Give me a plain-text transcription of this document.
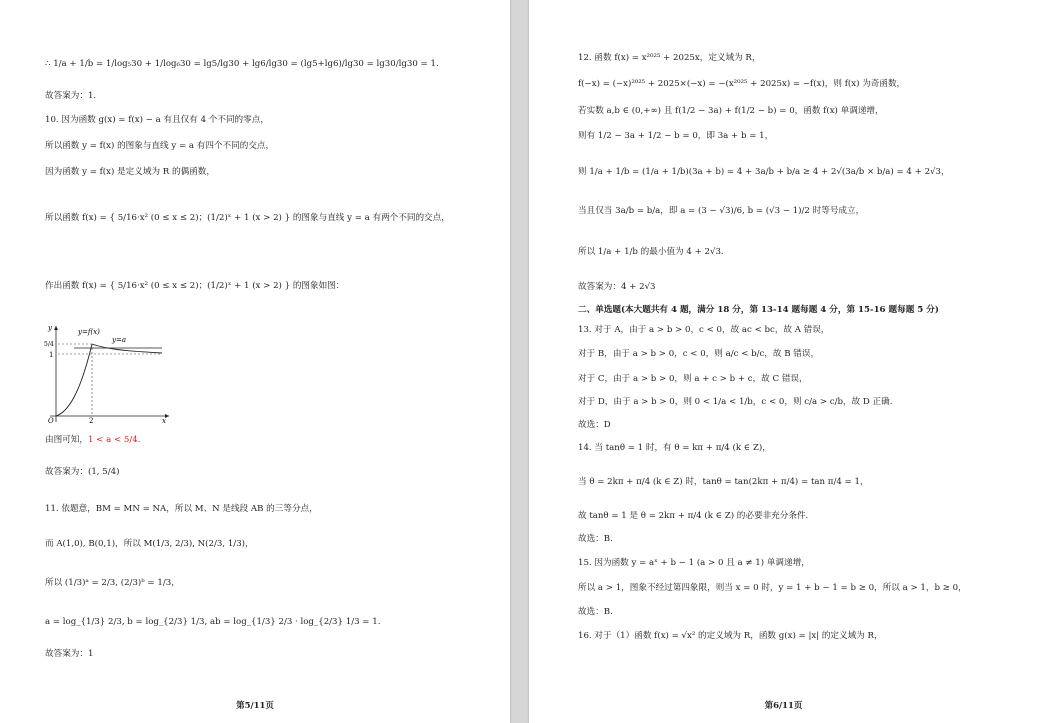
∴ 1/a + 1/b = 1/log₅30 + 1/log₆30 = lg5/lg30 + lg6/lg30 = (lg5+lg6)/lg30 = lg30/lg30 = 1.
故答案为：1.
10. 因为函数 g(x) = f(x) − a 有且仅有 4 个不同的零点，
所以函数 y = f(x) 的图象与直线 y = a 有四个不同的交点，
因为函数 y = f(x) 是定义域为 R 的偶函数，
所以函数 f(x) = { 5/16·x² (0 ≤ x ≤ 2)；(1/2)ˣ + 1 (x > 2) } 的图象与直线 y = a 有两个不同的交点，
作出函数 f(x) = { 5/16·x² (0 ≤ x ≤ 2)；(1/2)ˣ + 1 (x > 2) } 的图象如图：
y=f(x)
y=a
O	x
y
2
1
5/4
由图可知，1 < a < 5/4.
故答案为：(1, 5/4)
11. 依题意，BM = MN = NA，所以 M、N 是线段 AB 的三等分点，
而 A(1,0), B(0,1)，所以 M(1/3, 2/3), N(2/3, 1/3)，
所以 (1/3)ᵃ = 2/3, (2/3)ᵇ = 1/3，
a = log_{1/3} 2/3, b = log_{2/3} 1/3, ab = log_{1/3} 2/3 · log_{2/3} 1/3 = 1.
故答案为：1
第5/11页
12. 函数 f(x) = x²⁰²⁵ + 2025x，定义域为 R，
f(−x) = (−x)²⁰²⁵ + 2025×(−x) = −(x²⁰²⁵ + 2025x) = −f(x)，则 f(x) 为奇函数，
若实数 a,b ∈ (0,+∞) 且 f(1/2 − 3a) + f(1/2 − b) = 0，函数 f(x) 单调递增，
则有 1/2 − 3a + 1/2 − b = 0，即 3a + b = 1，
则 1/a + 1/b = (1/a + 1/b)(3a + b) = 4 + 3a/b + b/a ≥ 4 + 2√(3a/b × b/a) = 4 + 2√3，
当且仅当 3a/b = b/a，即 a = (3 − √3)/6, b = (√3 − 1)/2 时等号成立，
所以 1/a + 1/b 的最小值为 4 + 2√3.
故答案为：4 + 2√3
二、单选题(本大题共有 4 题，满分 18 分，第 13-14 题每题 4 分，第 15-16 题每题 5 分)
13. 对于 A，由于 a > b > 0，c < 0，故 ac < bc，故 A 错误，
对于 B，由于 a > b > 0，c < 0，则 a/c < b/c，故 B 错误，
对于 C，由于 a > b > 0，则 a + c > b + c，故 C 错误，
对于 D，由于 a > b > 0，则 0 < 1/a < 1/b，c < 0，则 c/a > c/b，故 D 正确.
故选：D
14. 当 tanθ = 1 时，有 θ = kπ + π/4 (k ∈ Z)，
当 θ = 2kπ + π/4 (k ∈ Z) 时，tanθ = tan(2kπ + π/4) = tan π/4 = 1，
故 tanθ = 1 是 θ = 2kπ + π/4 (k ∈ Z) 的必要非充分条件.
故选：B.
15. 因为函数 y = aˣ + b − 1 (a > 0 且 a ≠ 1) 单调递增，
所以 a > 1，图象不经过第四象限，则当 x = 0 时，y = 1 + b − 1 = b ≥ 0，所以 a > 1，b ≥ 0，
故选：B.
16. 对于（1）函数 f(x) = √x² 的定义域为 R，函数 g(x) = |x| 的定义域为 R，
第6/11页
